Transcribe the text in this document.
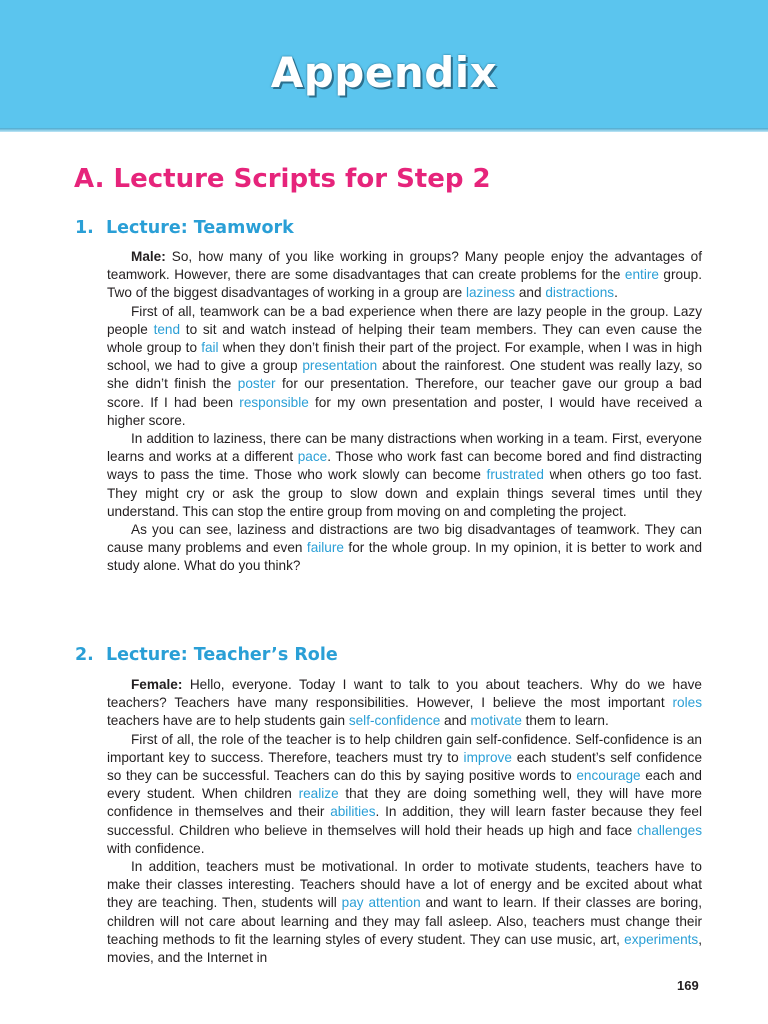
Appendix
A. Lecture Scripts for Step 2
1. Lecture: Teamwork

Male: So, how many of you like working in groups? Many people enjoy the advantages of teamwork. However, there are some disadvantages that can create problems for the entire group. Two of the biggest disadvantages of working in a group are laziness and distractions.

First of all, teamwork can be a bad experience when there are lazy people in the group. Lazy people tend to sit and watch instead of helping their team members. They can even cause the whole group to fail when they don’t finish their part of the project. For example, when I was in high school, we had to give a group presentation about the rainforest. One student was really lazy, so she didn’t finish the poster for our presentation. Therefore, our teacher gave our group a bad score. If I had been responsible for my own presentation and poster, I would have received a higher score.

In addition to laziness, there can be many distractions when working in a team. First, everyone learns and works at a different pace. Those who work fast can become bored and find distracting ways to pass the time. Those who work slowly can become frustrated when others go too fast. They might cry or ask the group to slow down and explain things several times until they understand. This can stop the entire group from moving on and completing the project.

As you can see, laziness and distractions are two big disadvantages of teamwork. They can cause many problems and even failure for the whole group. In my opinion, it is better to work and study alone. What do you think?

2. Lecture: Teacher’s Role

Female: Hello, everyone. Today I want to talk to you about teachers. Why do we have teachers? Teachers have many responsibilities. However, I believe the most important roles teachers have are to help students gain self-confidence and motivate them to learn.

First of all, the role of the teacher is to help children gain self-confidence. Self-confidence is an important key to success. Therefore, teachers must try to improve each student’s self confidence so they can be successful. Teachers can do this by saying positive words to encourage each and every student. When children realize that they are doing something well, they will have more confidence in themselves and their abilities. In addition, they will learn faster because they feel successful. Children who believe in themselves will hold their heads up high and face challenges with confidence.

In addition, teachers must be motivational. In order to motivate students, teachers have to make their classes interesting. Teachers should have a lot of energy and be excited about what they are teaching. Then, students will pay attention and want to learn. If their classes are boring, children will not care about learning and they may fall asleep. Also, teachers must change their teaching methods to fit the learning styles of every student. They can use music, art, experiments, movies, and the Internet in

169
